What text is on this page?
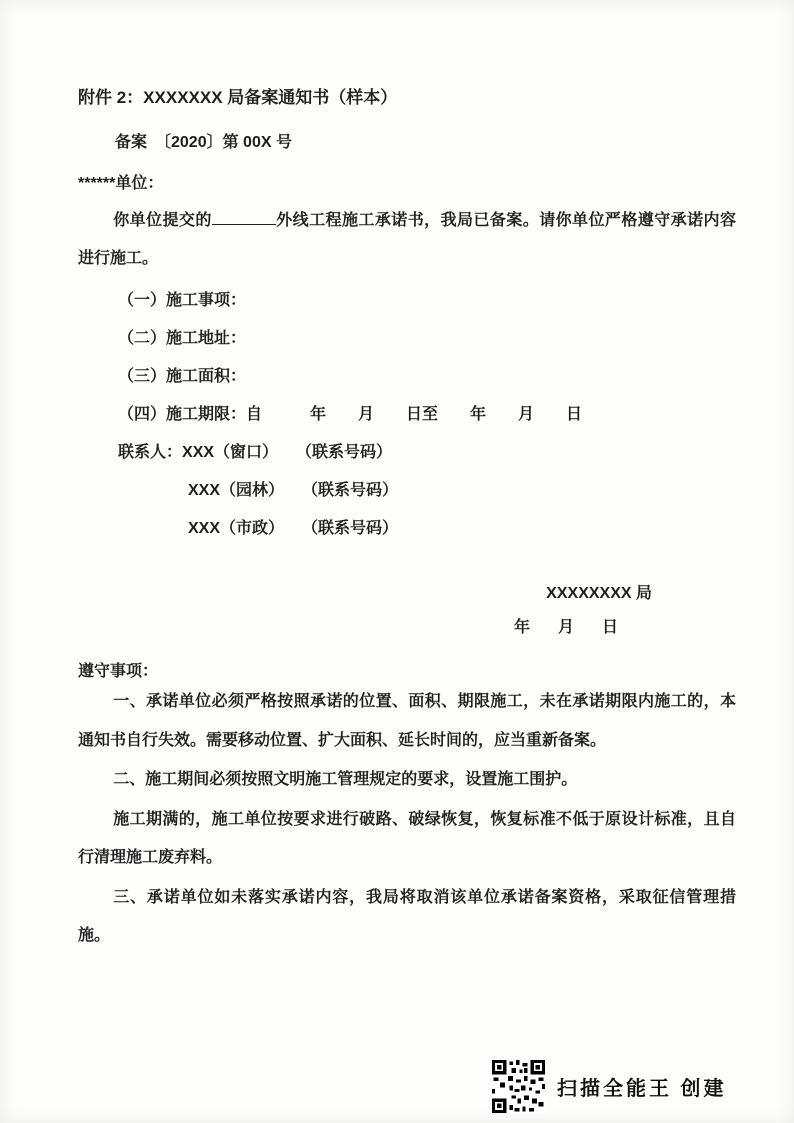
附件 2：XXXXXXX 局备案通知书（样本）
备案　〔2020〕第 00X 号
******单位：

你单位提交的	外线工程施工承诺书，我局已备案。请你单位严格遵守承诺内容进行施工。

（一）施工事项：
（二）施工地址：
（三）施工面积：
（四）施工期限：自　　　年　　月　　日至　　年　　月　　日
联系人：XXX（窗口） （联系号码）
XXX（园林） （联系号码）
XXX（市政） （联系号码）
XXXXXXXX 局
年　月　日
遵守事项：

一、承诺单位必须严格按照承诺的位置、面积、期限施工，未在承诺期限内施工的，本通知书自行失效。需要移动位置、扩大面积、延长时间的，应当重新备案。

二、施工期间必须按照文明施工管理规定的要求，设置施工围护。

施工期满的，施工单位按要求进行破路、破绿恢复，恢复标准不低于原设计标准，且自行清理施工废弃料。

三、承诺单位如未落实承诺内容，我局将取消该单位承诺备案资格，采取征信管理措施。

扫描全能王 创建
